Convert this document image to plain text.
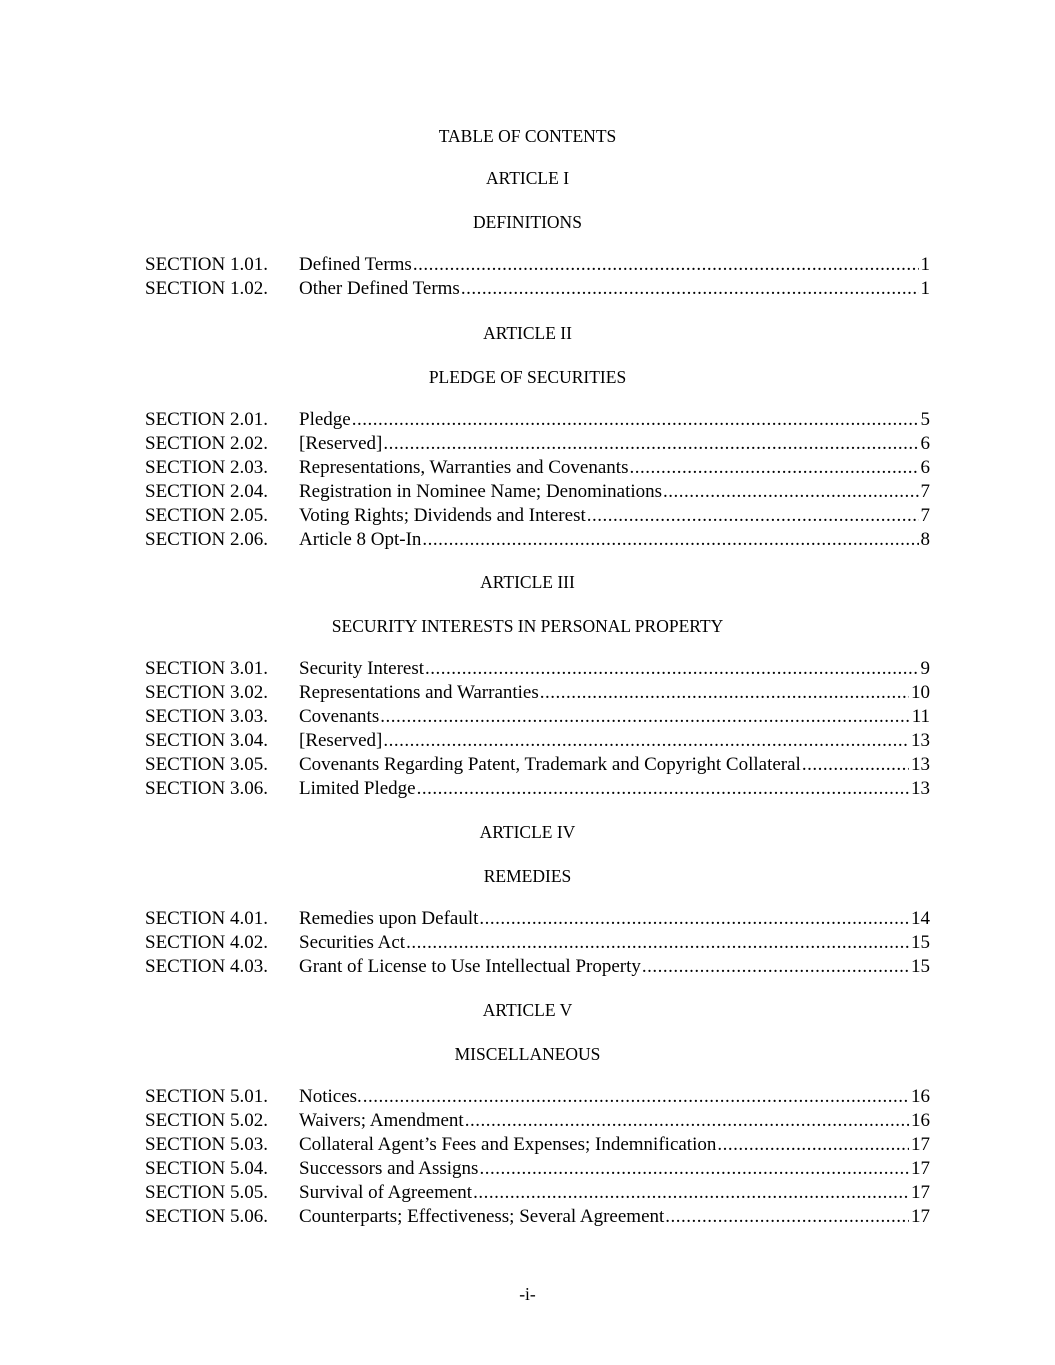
TABLE OF CONTENTS
ARTICLE I
DEFINITIONS
SECTION 1.01. Defined Terms .....	1
SECTION 1.02. Other Defined Terms .....	1
ARTICLE II
PLEDGE OF SECURITIES
SECTION 2.01. Pledge .....	5
SECTION 2.02. [Reserved] .....	6
SECTION 2.03. Representations, Warranties and Covenants .....	6
SECTION 2.04. Registration in Nominee Name; Denominations .....	7
SECTION 2.05. Voting Rights; Dividends and Interest .....	7
SECTION 2.06. Article 8 Opt-In .....	8
ARTICLE III
SECURITY INTERESTS IN PERSONAL PROPERTY
SECTION 3.01. Security Interest .....	9
SECTION 3.02. Representations and Warranties .....	10
SECTION 3.03. Covenants .....	11
SECTION 3.04. [Reserved] .....	13
SECTION 3.05. Covenants Regarding Patent, Trademark and Copyright Collateral .....	13
SECTION 3.06. Limited Pledge .....	13
ARTICLE IV
REMEDIES
SECTION 4.01. Remedies upon Default .....	14
SECTION 4.02. Securities Act .....	15
SECTION 4.03. Grant of License to Use Intellectual Property .....	15
ARTICLE V
MISCELLANEOUS
SECTION 5.01. Notices. .....	16
SECTION 5.02. Waivers; Amendment .....	16
SECTION 5.03. Collateral Agent’s Fees and Expenses; Indemnification .....	17
SECTION 5.04. Successors and Assigns .....	17
SECTION 5.05. Survival of Agreement .....	17
SECTION 5.06. Counterparts; Effectiveness; Several Agreement .....	17
-i-
